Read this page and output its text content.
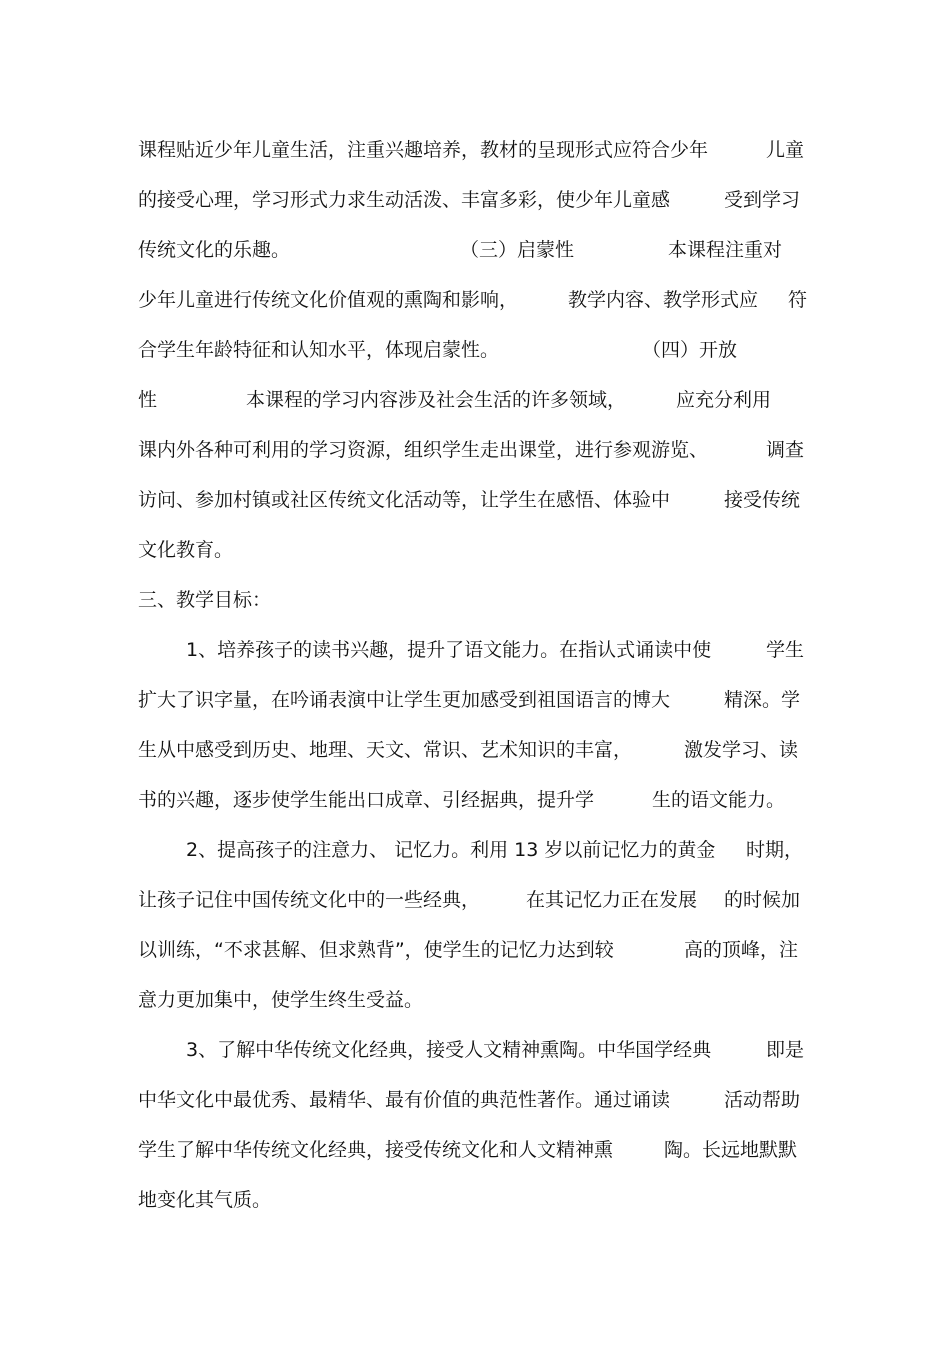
课程贴近少年儿童生活，注重兴趣培养，教材的呈现形式应符合少年	儿童
的接受心理，学习形式力求生动活泼、丰富多彩，使少年儿童感	受到学习
传统文化的乐趣。	（三）启蒙性	本课程注重对
少年儿童进行传统文化价值观的熏陶和影响，	教学内容、教学形式应 符
合学生年龄特征和认知水平，体现启蒙性。	（四）开放
性	本课程的学习内容涉及社会生活的许多领域，	应充分利用
课内外各种可利用的学习资源，组织学生走出课堂，进行参观游览、	调查
访问、参加村镇或社区传统文化活动等，让学生在感悟、体验中	接受传统
文化教育。
三、教学目标：
1、培养孩子的读书兴趣，提升了语文能力。在指认式诵读中使	学生
扩大了识字量，在吟诵表演中让学生更加感受到祖国语言的博大	精深。学
生从中感受到历史、地理、天文、常识、艺术知识的丰富，	激发学习、读
书的兴趣，逐步使学生能出口成章、引经据典，提升学	生的语文能力。
2、提高孩子的注意力、 记忆力。利用 13 岁以前记忆力的黄金 时期，
让孩子记住中国传统文化中的一些经典， 在其记忆力正在发展 的时候加
以训练，“不求甚解、但求熟背”，使学生的记忆力达到较	高的顶峰，注
意力更加集中，使学生终生受益。
3、了解中华传统文化经典，接受人文精神熏陶。中华国学经典	即是
中华文化中最优秀、最精华、最有价值的典范性著作。通过诵读	活动帮助
学生了解中华传统文化经典，接受传统文化和人文精神熏	陶。长远地默默
地变化其气质。
